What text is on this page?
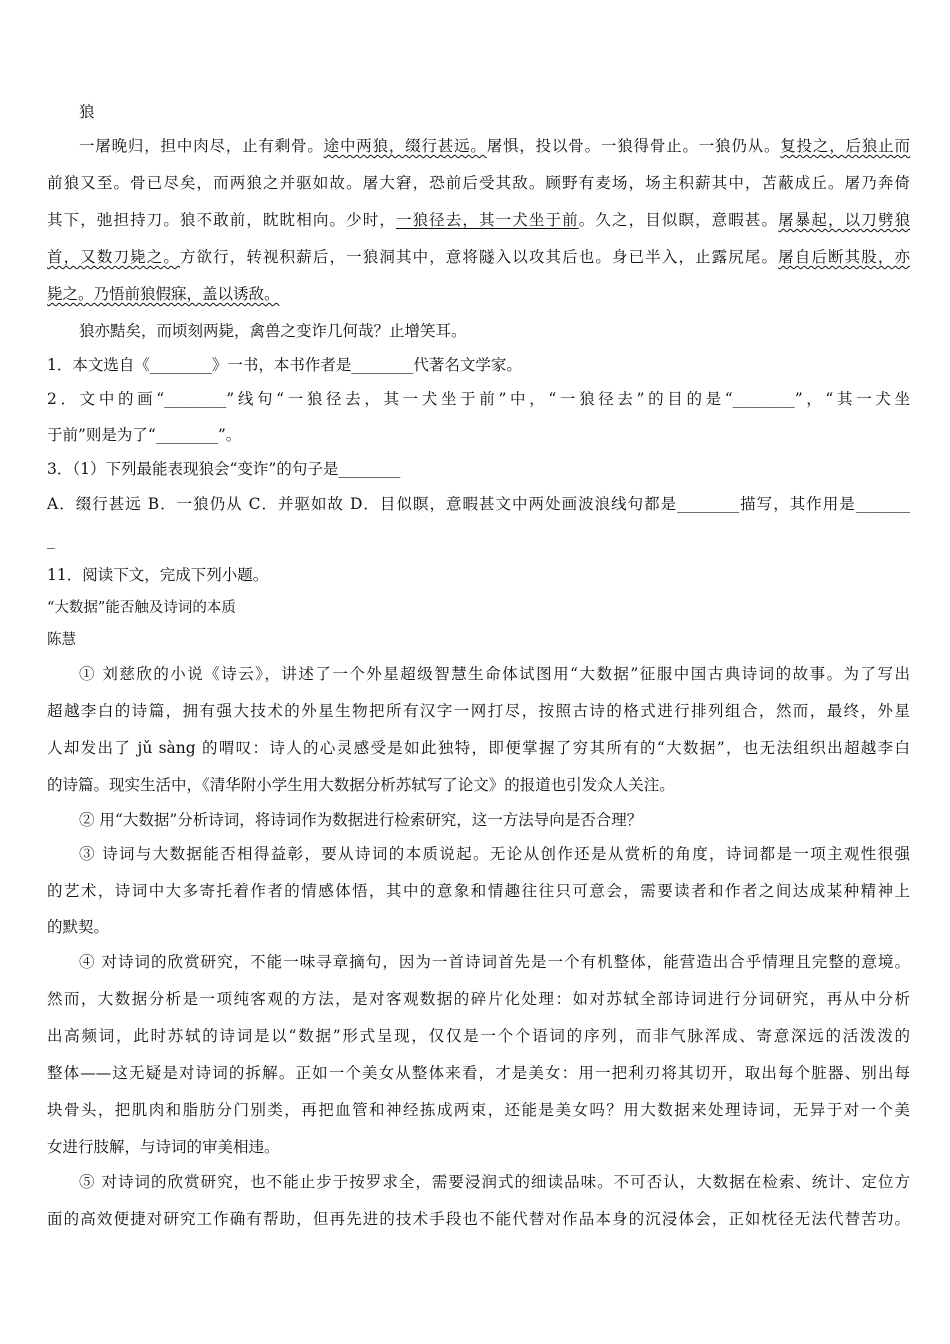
狼
一屠晚归，担中肉尽，止有剩骨。途中两狼，缀行甚远。屠惧，投以骨。一狼得骨止。一狼仍从。复投之，后狼止而
前狼又至。骨已尽矣，而两狼之并驱如故。屠大窘，恐前后受其敌。顾野有麦场，场主积薪其中，苫蔽成丘。屠乃奔倚
其下，弛担持刀。狼不敢前，眈眈相向。少时，一狼径去，其一犬坐于前。久之，目似瞑，意暇甚。屠暴起，以刀劈狼
首，又数刀毙之。方欲行，转视积薪后，一狼洞其中，意将隧入以攻其后也。身已半入，止露尻尾。屠自后断其股，亦
毙之。乃悟前狼假寐，盖以诱敌。
狼亦黠矣，而顷刻两毙，禽兽之变诈几何哉？止增笑耳。
1．本文选自《________》一书，本书作者是________代著名文学家。
2．文中的画“________”线句“一狼径去，其一犬坐于前”中，“一狼径去”的目的是“________”，“其一犬坐
于前”则是为了“________”。
3．（1）下列最能表现狼会“变诈”的句子是________
A．缀行甚远 B．一狼仍从 C．并驱如故 D．目似瞑，意暇甚文中两处画波浪线句都是________描写，其作用是_______
_
11．阅读下文，完成下列小题。
“大数据”能否触及诗词的本质
陈慧
① 刘慈欣的小说《诗云》，讲述了一个外星超级智慧生命体试图用“大数据”征服中国古典诗词的故事。为了写出
超越李白的诗篇，拥有强大技术的外星生物把所有汉字一网打尽，按照古诗的格式进行排列组合，然而，最终，外星
人却发出了 jǔ sàng 的喟叹：诗人的心灵感受是如此独特，即便掌握了穷其所有的“大数据”，也无法组织出超越李白
的诗篇。现实生活中，《清华附小学生用大数据分析苏轼写了论文》的报道也引发众人关注。
② 用“大数据”分析诗词，将诗词作为数据进行检索研究，这一方法导向是否合理？
③ 诗词与大数据能否相得益彰，要从诗词的本质说起。无论从创作还是从赏析的角度，诗词都是一项主观性很强
的艺术，诗词中大多寄托着作者的情感体悟，其中的意象和情趣往往只可意会，需要读者和作者之间达成某种精神上
的默契。
④ 对诗词的欣赏研究，不能一味寻章摘句，因为一首诗词首先是一个有机整体，能营造出合乎情理且完整的意境。
然而，大数据分析是一项纯客观的方法，是对客观数据的碎片化处理：如对苏轼全部诗词进行分词研究，再从中分析
出高频词，此时苏轼的诗词是以“数据”形式呈现，仅仅是一个个语词的序列，而非气脉浑成、寄意深远的活泼泼的
整体——这无疑是对诗词的拆解。正如一个美女从整体来看，才是美女：用一把利刃将其切开，取出每个脏器、别出每
块骨头，把肌肉和脂肪分门别类，再把血管和神经拣成两束，还能是美女吗？用大数据来处理诗词，无异于对一个美
女进行肢解，与诗词的审美相违。
⑤ 对诗词的欣赏研究，也不能止步于按罗求全，需要浸润式的细读品味。不可否认，大数据在检索、统计、定位方
面的高效便捷对研究工作确有帮助，但再先进的技术手段也不能代替对作品本身的沉浸体会，正如枕径无法代替苦功。
